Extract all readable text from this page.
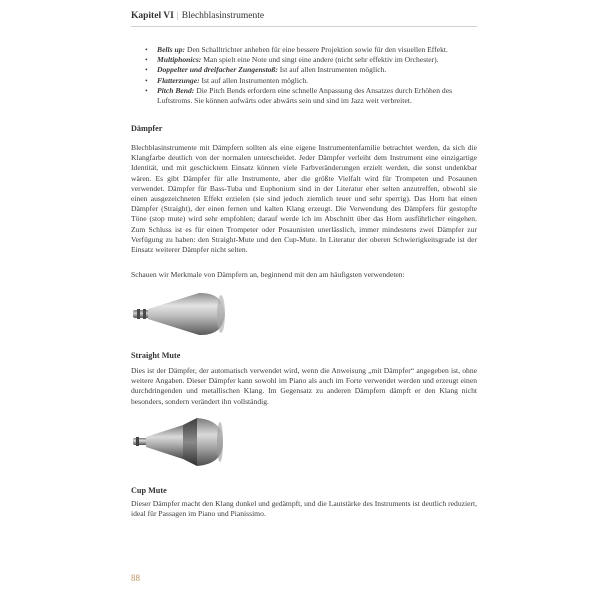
Kapitel VI | Blechblasinstrumente
• Bells up: Den Schalltrichter anheben für eine bessere Projektion sowie für den visuellen Effekt.
• Multiphonics: Man spielt eine Note und singt eine andere (nicht sehr effektiv im Orchester).
• Doppelter und dreifacher Zungenstoß: Ist auf allen Instrumenten möglich.
• Flatterzunge: Ist auf allen Instrumenten möglich.
• Pitch Bend: Die Pitch Bends erfordern eine schnelle Anpassung des Ansatzes durch Erhöhen des Luftstroms. Sie können aufwärts oder abwärts sein und sind im Jazz weit verbreitet.
Dämpfer

Blechblasinstrumente mit Dämpfern sollten als eine eigene Instrumentenfamilie betrachtet werden, da sich die Klangfarbe deutlich von der normalen unterscheidet. Jeder Dämpfer verleiht dem Instrument eine einzigartige Identität, und mit geschicktem Einsatz können viele Farbveränderungen erzielt werden, die sonst undenkbar wären. Es gibt Dämpfer für alle Instrumente, aber die größte Vielfalt wird für Trompeten und Posaunen verwendet. Dämpfer für Bass-Tuba und Euphonium sind in der Literatur eher selten anzutreffen, obwohl sie einen ausgezeichneten Effekt erzielen (sie sind jedoch ziemlich teuer und sehr sperrig). Das Horn hat einen Dämpfer (Straight), der einen fernen und kalten Klang erzeugt. Die Verwendung des Dämpfers für gestopfte Töne (stop mute) wird sehr empfohlen; darauf werde ich im Abschnitt über das Horn ausführlicher eingehen. Zum Schluss ist es für einen Trompeter oder Posaunisten unerlässlich, immer mindestens zwei Dämpfer zur Verfügung zu haben: den Straight-Mute und den Cup-Mute. In Literatur der oberen Schwierigkeitsgrade ist der Einsatz weiterer Dämpfer nicht selten.

Schauen wir Merkmale von Dämpfern an, beginnend mit den am häufigsten verwendeten:

Straight Mute

Dies ist der Dämpfer, der automatisch verwendet wird, wenn die Anweisung „mit Dämpfer“ angegeben ist, ohne weitere Angaben. Dieser Dämpfer kann sowohl im Piano als auch im Forte verwendet werden und erzeugt einen durchdringenden und metallischen Klang. Im Gegensatz zu anderen Dämpfern dämpft er den Klang nicht besonders, sondern verändert ihn vollständig.

Cup Mute

Dieser Dämpfer macht den Klang dunkel und gedämpft, und die Lautstärke des Instruments ist deutlich reduziert, ideal für Passagen im Piano und Pianissimo.

88
